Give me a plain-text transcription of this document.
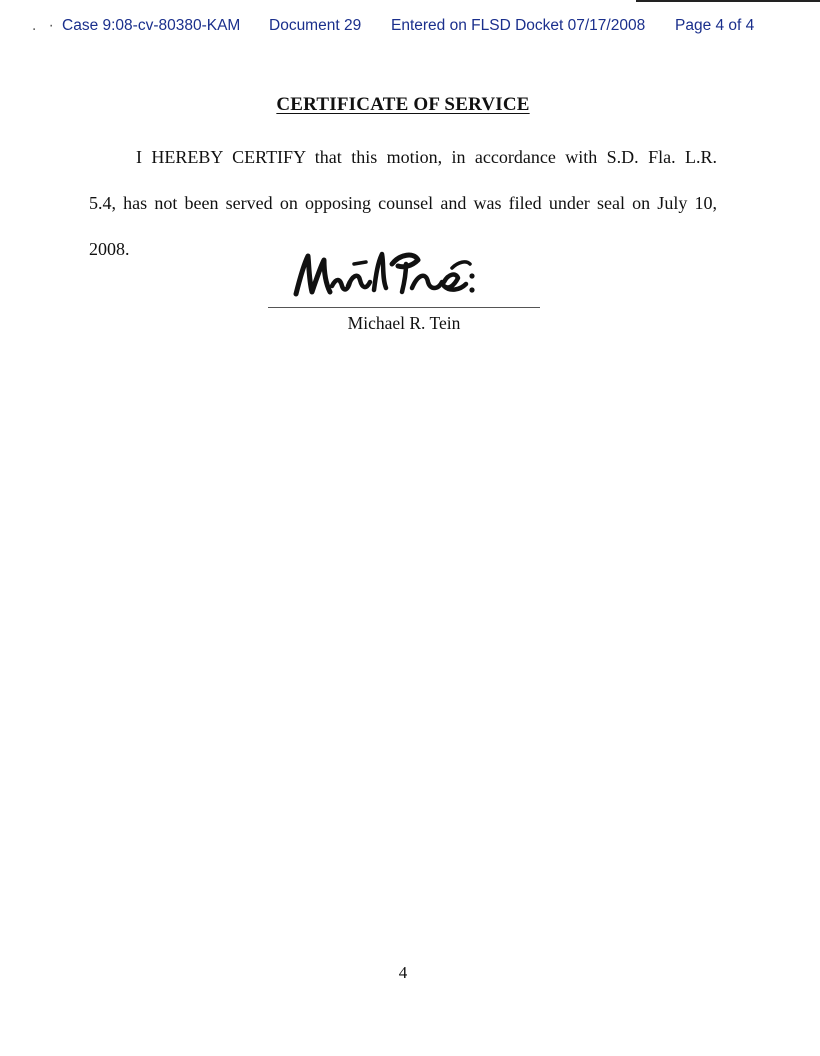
. · Case 9:08-cv-80380-KAM Document 29 Entered on FLSD Docket 07/17/2008 Page 4 of 4
CERTIFICATE OF SERVICE
I HEREBY CERTIFY that this motion, in accordance with S.D. Fla. L.R.
5.4, has not been served on opposing counsel and was filed under seal on July 10,
2008.
Michael R. Tein
4
